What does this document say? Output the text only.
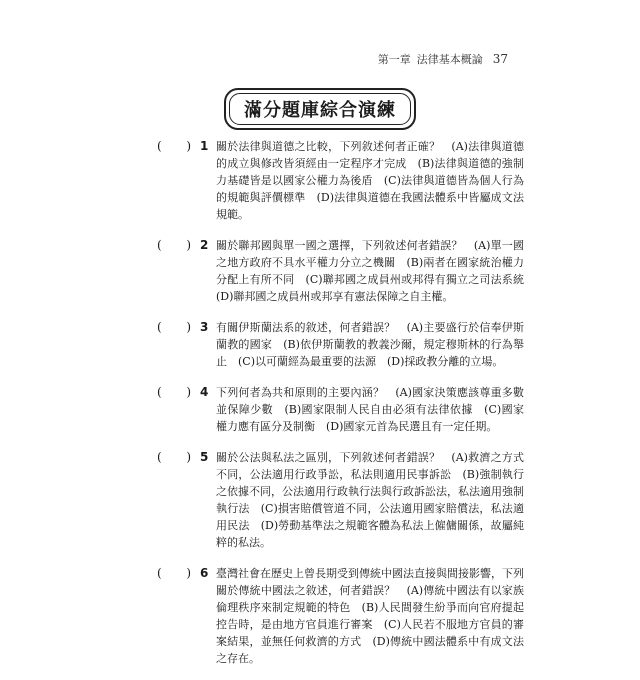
第一章 法律基本概論 37
滿分題庫綜合演練
( ) 1 關於法律與道德之比較，下列敘述何者正確？　(A)法律與道德的成立與修改皆須經由一定程序才完成　(B)法律與道德的強制力基礎皆是以國家公權力為後盾　(C)法律與道德皆為個人行為的規範與評價標準　(D)法律與道德在我國法體系中皆屬成文法規範。
( ) 2 關於聯邦國與單一國之選擇，下列敘述何者錯誤？　(A)單一國之地方政府不具水平權力分立之機關　(B)兩者在國家統治權力分配上有所不同　(C)聯邦國之成員州或邦得有獨立之司法系統　(D)聯邦國之成員州或邦享有憲法保障之自主權。
( ) 3 有關伊斯蘭法系的敘述，何者錯誤？　(A)主要盛行於信奉伊斯蘭教的國家　(B)依伊斯蘭教的教義沙爾，規定穆斯林的行為舉止　(C)以可蘭經為最重要的法源　(D)採政教分離的立場。
( ) 4 下列何者為共和原則的主要內涵？　(A)國家決策應該尊重多數並保障少數　(B)國家限制人民自由必須有法律依據　(C)國家權力應有區分及制衡　(D)國家元首為民選且有一定任期。
( ) 5 關於公法與私法之區別，下列敘述何者錯誤？　(A)救濟之方式不同，公法適用行政爭訟，私法則適用民事訴訟　(B)強制執行之依據不同，公法適用行政執行法與行政訴訟法，私法適用強制執行法　(C)損害賠償管道不同，公法適用國家賠償法，私法適用民法　(D)勞動基準法之規範客體為私法上僱傭關係，故屬純粹的私法。
( ) 6 臺灣社會在歷史上曾長期受到傳統中國法直接與間接影響，下列關於傳統中國法之敘述，何者錯誤？　(A)傳統中國法有以家族倫理秩序來制定規範的特色　(B)人民間發生紛爭而向官府提起控告時，是由地方官員進行審案　(C)人民若不服地方官員的審案結果，並無任何救濟的方式　(D)傳統中國法體系中有成文法之存在。
